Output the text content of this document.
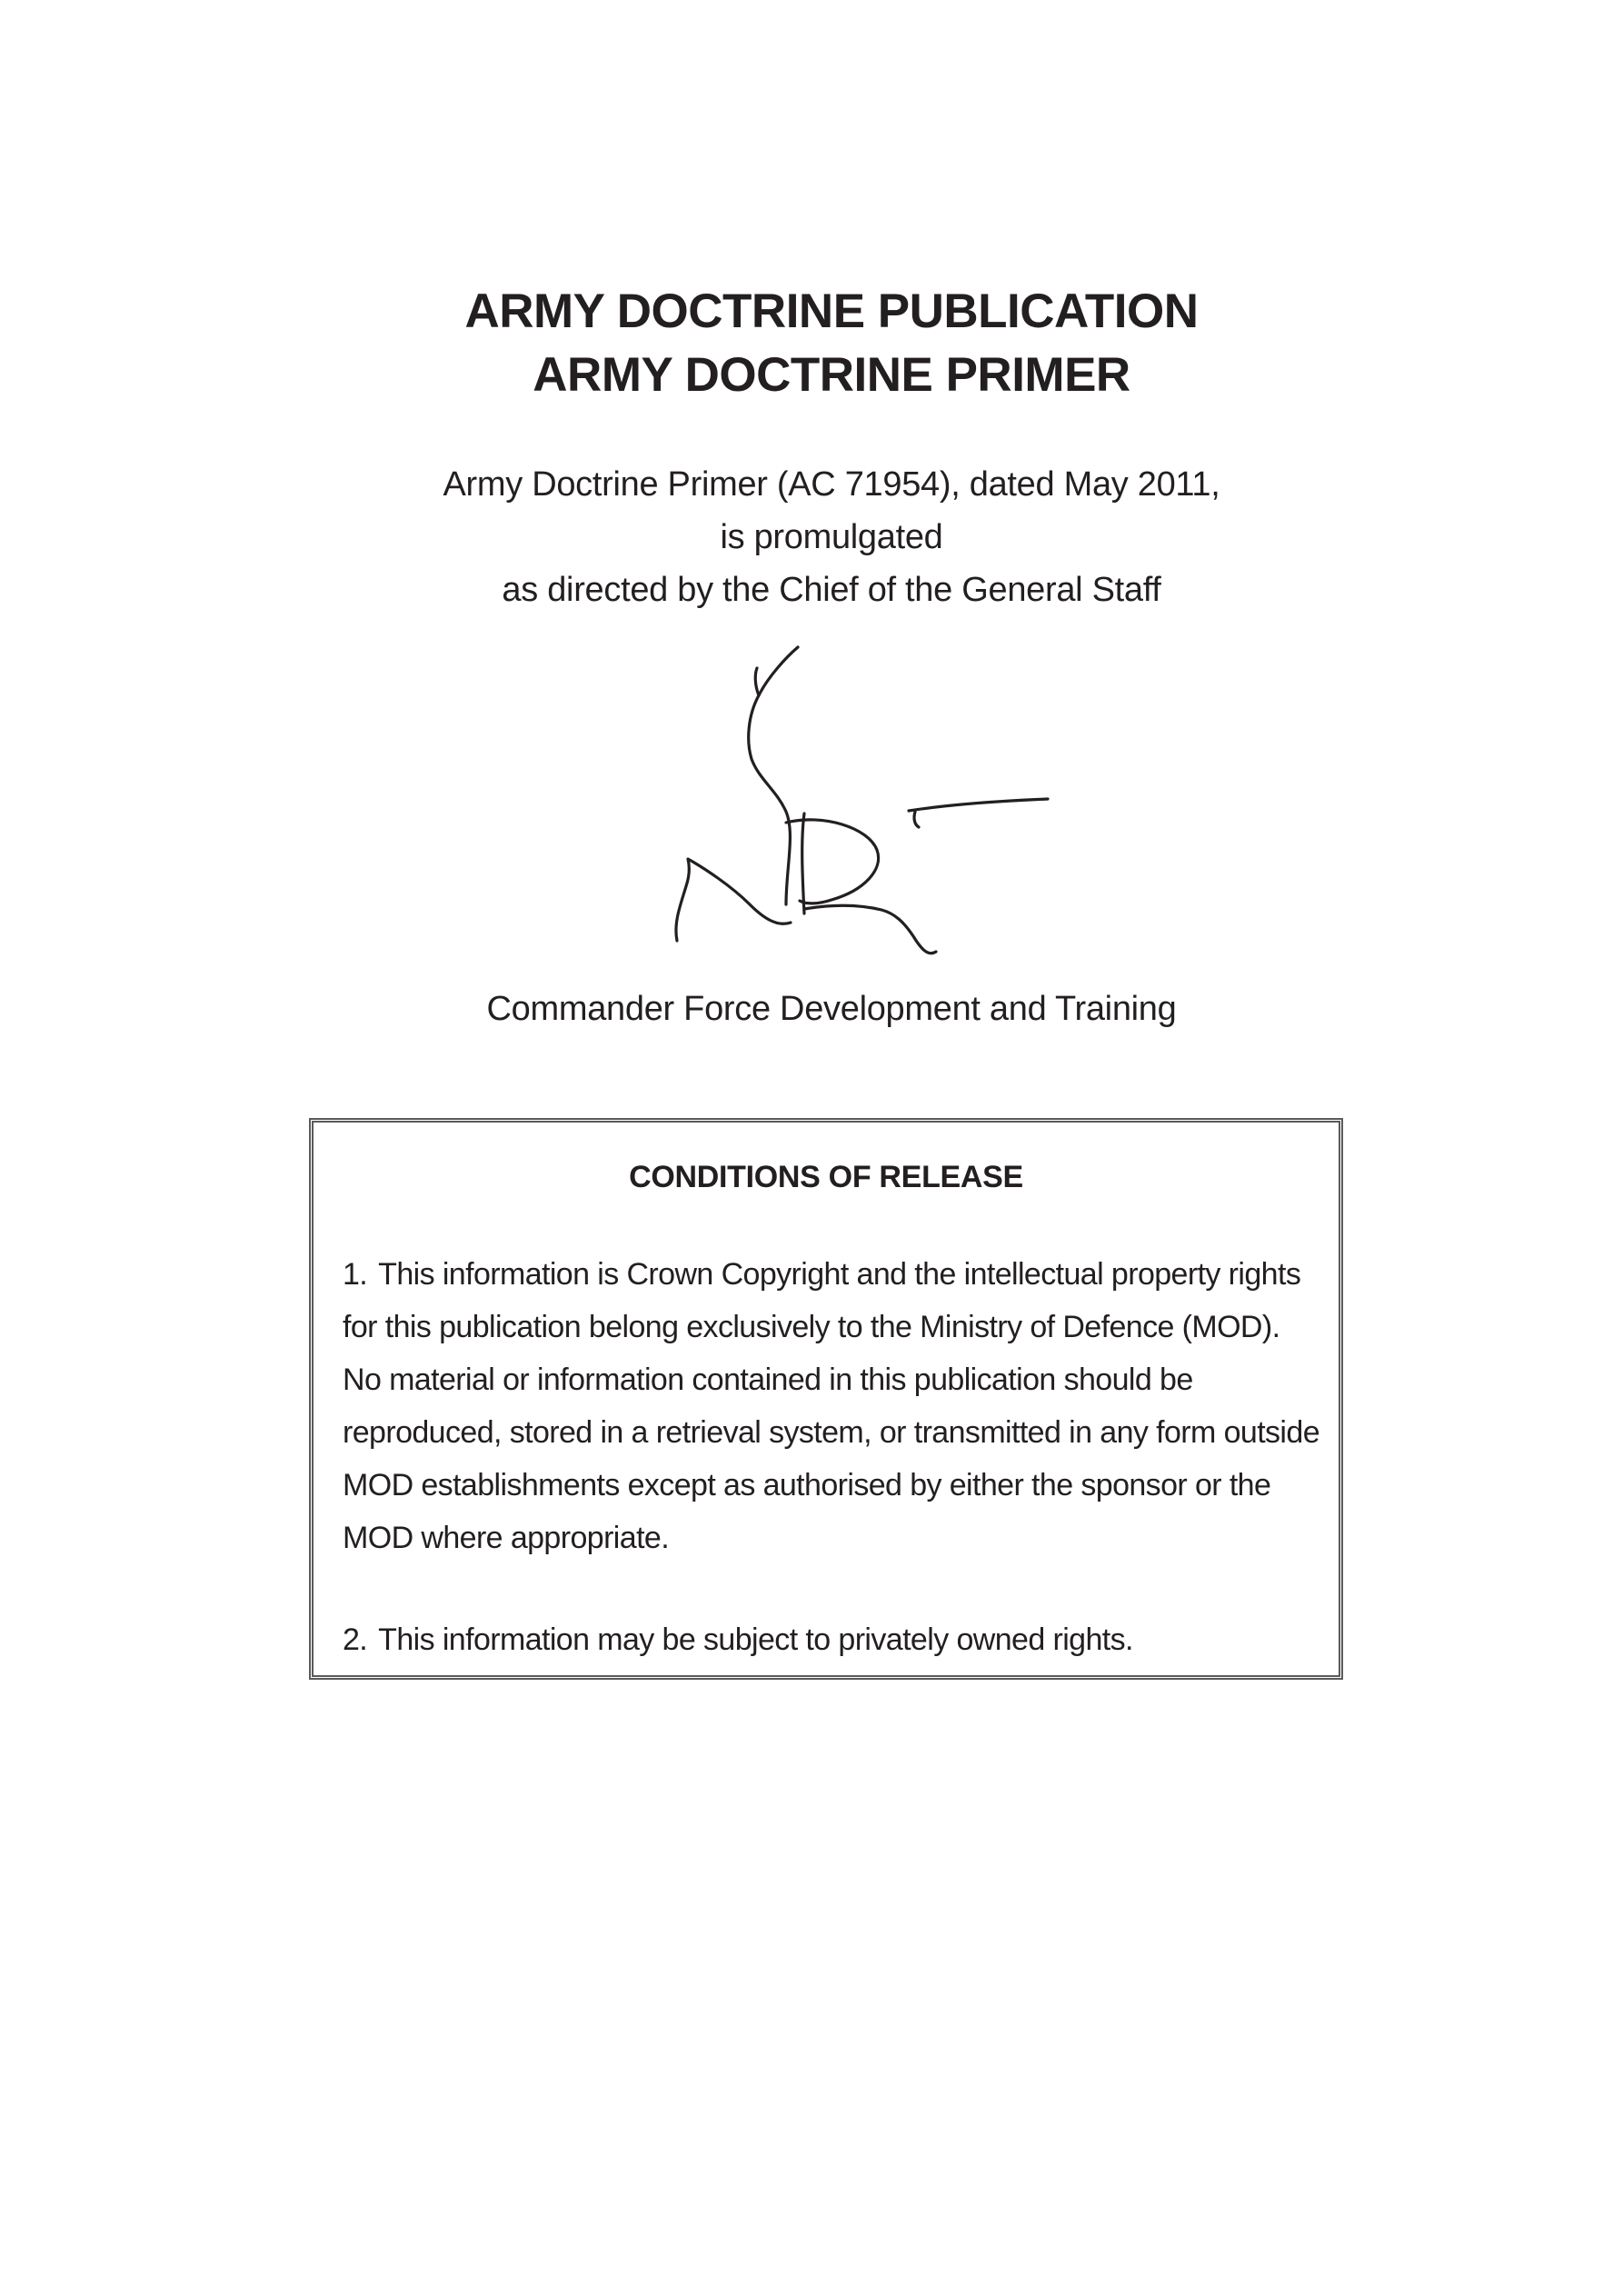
ARMY DOCTRINE PUBLICATION
ARMY DOCTRINE PRIMER
Army Doctrine Primer (AC 71954), dated May 2011,
is promulgated
as directed by the Chief of the General Staff
Commander Force Development and Training
CONDITIONS OF RELEASE

1. This information is Crown Copyright and the intellectual property rights for this publication belong exclusively to the Ministry of Defence (MOD). No material or information contained in this publication should be reproduced, stored in a retrieval system, or transmitted in any form outside MOD establishments except as authorised by either the sponsor or the MOD where appropriate.

2. This information may be subject to privately owned rights.
